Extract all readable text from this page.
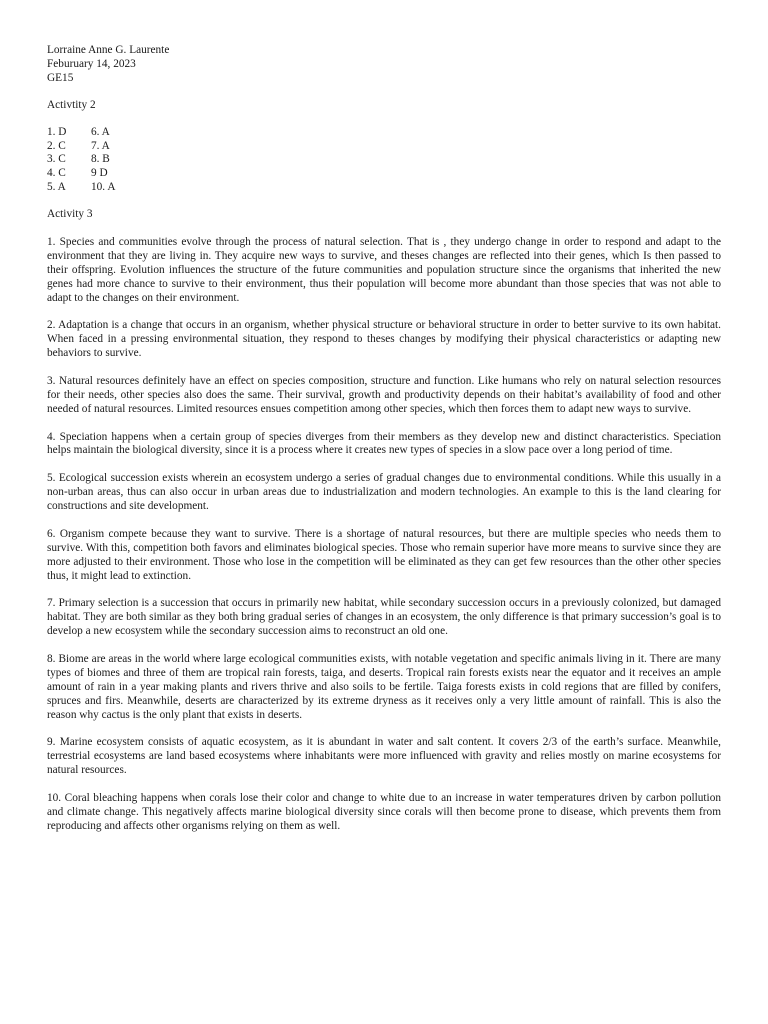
Lorraine Anne G. Laurente

Feburuary 14, 2023

GE15

Activtity 2

1. D	6. A
2. C	7. A
3. C	8. B
4. C	9 D
5. A	10. A

Activity 3

1. Species and communities evolve through the process of natural selection. That is , they undergo change in order to respond and adapt to the environment that they are living in. They acquire new ways to survive, and theses changes are reflected into their genes, which Is then passed to their offspring. Evolution influences the structure of the future communities and population structure since the organisms that inherited the new genes had more chance to survive to their environment, thus their population will become more abundant than those species that was not able to adapt to the changes on their environment.

2. Adaptation is a change that occurs in an organism, whether physical structure or behavioral structure in order to better survive to its own habitat. When faced in a pressing environmental situation, they respond to theses changes by modifying their physical characteristics or adapting new behaviors to survive.

3. Natural resources definitely have an effect on species composition, structure and function. Like humans who rely on natural selection resources for their needs, other species also does the same. Their survival, growth and productivity depends on their habitat’s availability of food and other needed of natural resources. Limited resources ensues competition among other species, which then forces them to adapt new ways to survive.

4. Speciation happens when a certain group of species diverges from their members as they develop new and distinct characteristics. Speciation helps maintain the biological diversity, since it is a process where it creates new types of species in a slow pace over a long period of time.

5. Ecological succession exists wherein an ecosystem undergo a series of gradual changes due to environmental conditions. While this usually in a non-urban areas, thus can also occur in urban areas due to industrialization and modern technologies. An example to this is the land clearing for constructions and site development.

6. Organism compete because they want to survive. There is a shortage of natural resources, but there are multiple species who needs them to survive. With this, competition both favors and eliminates biological species. Those who remain superior have more means to survive since they are more adjusted to their environment. Those who lose in the competition will be eliminated as they can get few resources than the other other species thus, it might lead to extinction.

7. Primary selection is a succession that occurs in primarily new habitat, while secondary succession occurs in a previously colonized, but damaged habitat. They are both similar as they both bring gradual series of changes in an ecosystem, the only difference is that primary succession’s goal is to develop a new ecosystem while the secondary succession aims to reconstruct an old one.

8. Biome are areas in the world where large ecological communities exists, with notable vegetation and specific animals living in it. There are many types of biomes and three of them are tropical rain forests, taiga, and deserts. Tropical rain forests exists near the equator and it receives an ample amount of rain in a year making plants and rivers thrive and also soils to be fertile. Taiga forests exists in cold regions that are filled by conifers, spruces and firs. Meanwhile, deserts are characterized by its extreme dryness as it receives only a very little amount of rainfall. This is also the reason why cactus is the only plant that exists in deserts.

9. Marine ecosystem consists of aquatic ecosystem, as it is abundant in water and salt content. It covers 2/3 of the earth’s surface. Meanwhile, terrestrial ecosystems are land based ecosystems where inhabitants were more influenced with gravity and relies mostly on marine ecosystems for natural resources.

10. Coral bleaching happens when corals lose their color and change to white due to an increase in water temperatures driven by carbon pollution and climate change. This negatively affects marine biological diversity since corals will then become prone to disease, which prevents them from reproducing and affects other organisms relying on them as well.
